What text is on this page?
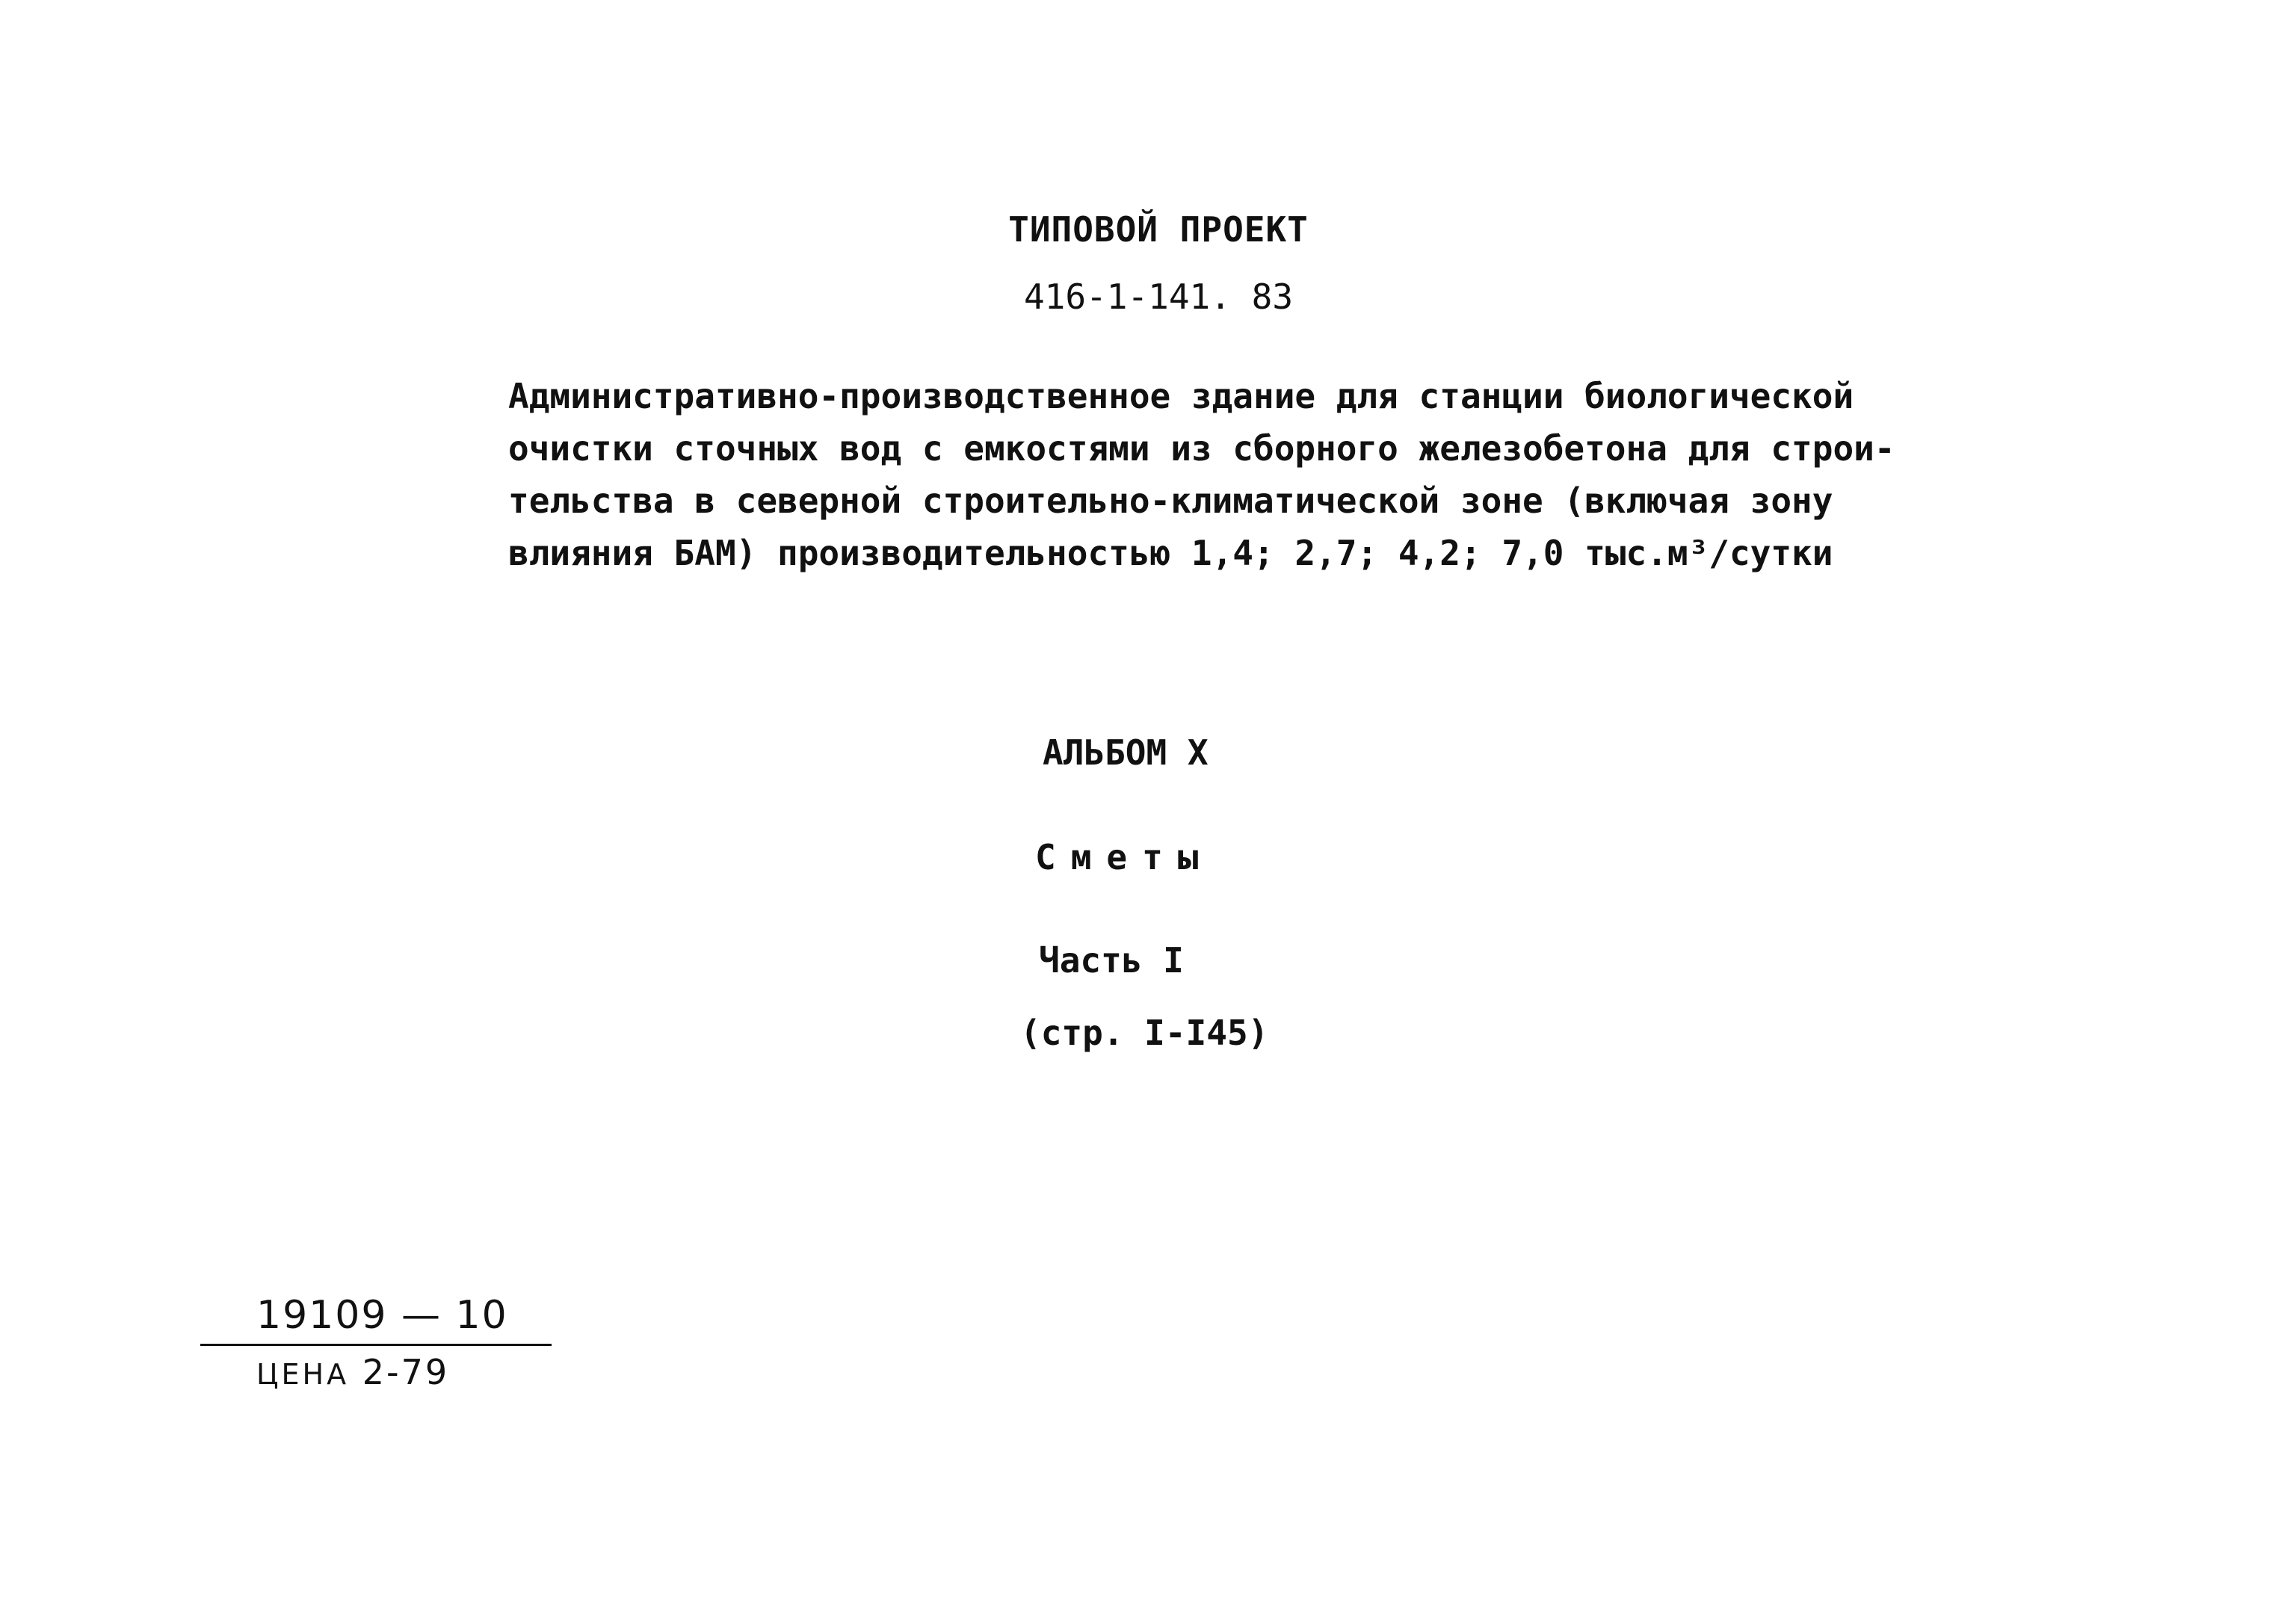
ТИПОВОЙ ПРОЕКТ
416-1-141. 83
Административно-производственное здание для станции биологической
очистки сточных вод с емкостями из сборного железобетона для строи-
тельства в северной строительно-климатической зоне (включая зону
влияния БАМ) производительностью 1,4; 2,7; 4,2; 7,0 тыс.м³/сутки
АЛЬБОМ X
Сметы
Часть I
(стр. I-I45)
19109 — 10
ЦЕНА 2-79
